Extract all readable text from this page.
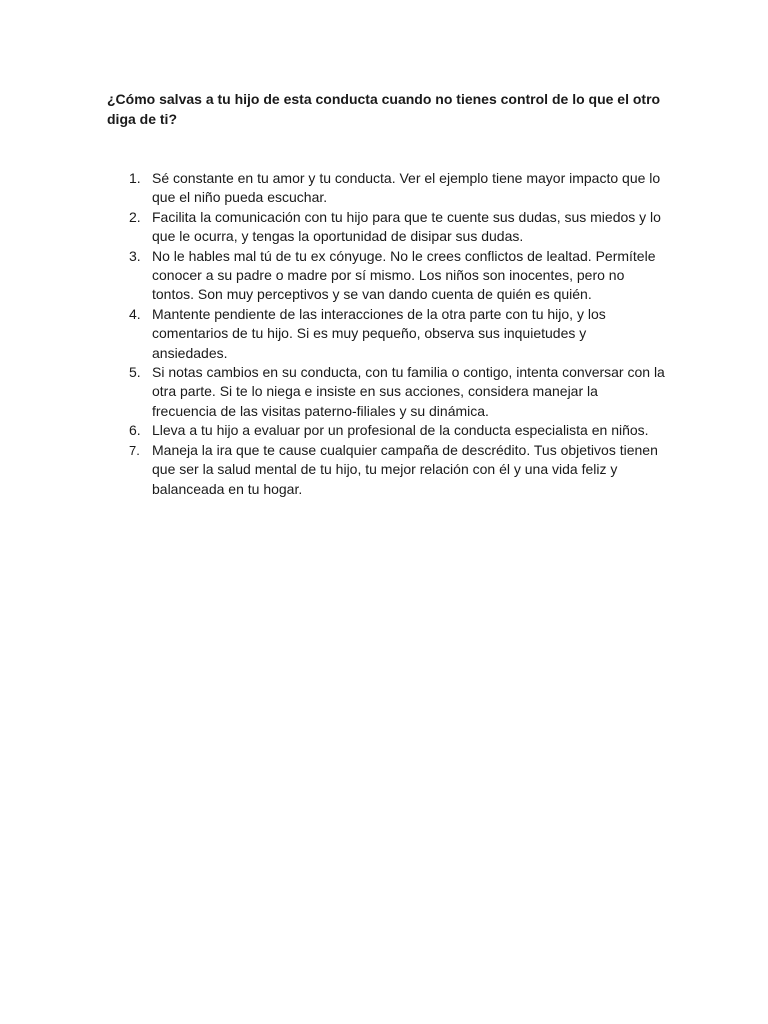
¿Cómo salvas a tu hijo de esta conducta cuando no tienes control de lo que el otro diga de ti?

1. Sé constante en tu amor y tu conducta. Ver el ejemplo tiene mayor impacto que lo que el niño pueda escuchar.
2. Facilita la comunicación con tu hijo para que te cuente sus dudas, sus miedos y lo que le ocurra, y tengas la oportunidad de disipar sus dudas.
3. No le hables mal tú de tu ex cónyuge. No le crees conflictos de lealtad. Permítele conocer a su padre o madre por sí mismo. Los niños son inocentes, pero no tontos. Son muy perceptivos y se van dando cuenta de quién es quién.
4. Mantente pendiente de las interacciones de la otra parte con tu hijo, y los comentarios de tu hijo. Si es muy pequeño, observa sus inquietudes y ansiedades.
5. Si notas cambios en su conducta, con tu familia o contigo, intenta conversar con la otra parte. Si te lo niega e insiste en sus acciones, considera manejar la frecuencia de las visitas paterno-filiales y su dinámica.
6. Lleva a tu hijo a evaluar por un profesional de la conducta especialista en niños.
7. Maneja la ira que te cause cualquier campaña de descrédito. Tus objetivos tienen que ser la salud mental de tu hijo, tu mejor relación con él y una vida feliz y balanceada en tu hogar.
